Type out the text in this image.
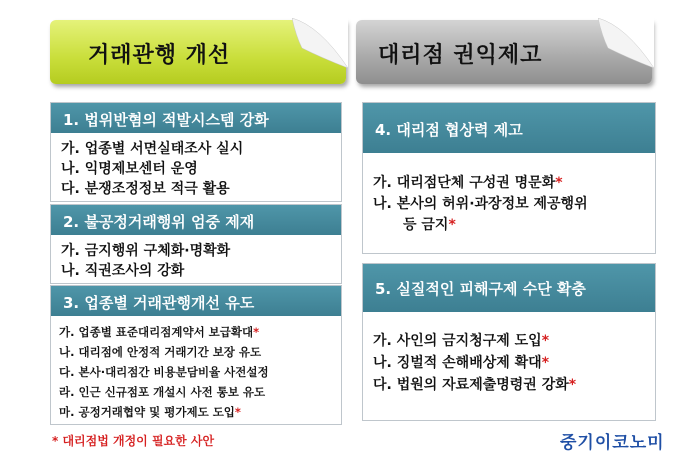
거래관행 개선	대리점 권익제고
1. 법위반혐의 적발시스템 강화
가. 업종별 서면실태조사 실시
나. 익명제보센터 운영
다. 분쟁조정정보 적극 활용
2. 불공정거래행위 엄중 제재
가. 금지행위 구체화·명확화
나. 직권조사의 강화
3. 업종별 거래관행개선 유도
가. 업종별 표준대리점계약서 보급확대*
나. 대리점에 안정적 거래기간 보장 유도
다. 본사·대리점간 비용분담비율 사전설정
라. 인근 신규점포 개설시 사전 통보 유도
마. 공정거래협약 및 평가제도 도입*
4. 대리점 협상력 제고
가. 대리점단체 구성권 명문화*
나. 본사의 허위·과장정보 제공행위
등 금지*
5. 실질적인 피해구제 수단 확충
가. 사인의 금지청구제 도입*
나. 징벌적 손해배상제 확대*
다. 법원의 자료제출명령권 강화*
* 대리점법 개정이 필요한 사안	중기이코노미
